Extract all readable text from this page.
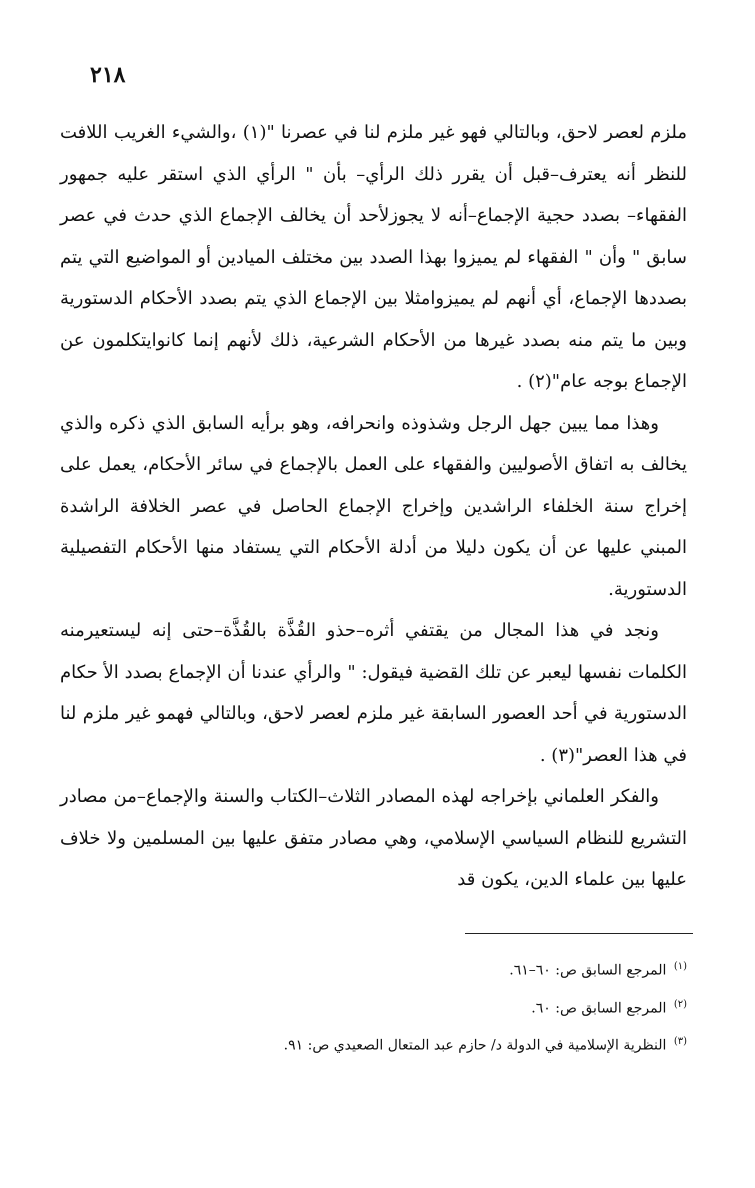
٢١٨

ملزم لعصر لاحق، وبالتالي فهو غير ملزم لنا في عصرنا "(١) ،والشيء الغريب اللافت للنظر أنه يعترف–قبل أن يقرر ذلك الرأي– بأن " الرأي الذي استقر عليه جمهور الفقهاء– بصدد حجية الإجماع–أنه لا يجوزلأحد أن يخالف الإجماع الذي حدث في عصر سابق " وأن " الفقهاء لم يميزوا بهذا الصدد بين مختلف الميادين أو المواضيع التي يتم بصددها الإجماع، أي أنهم لم يميزوامثلا بين الإجماع الذي يتم بصدد الأحكام الدستورية وبين ما يتم منه بصدد غيرها من الأحكام الشرعية، ذلك لأنهم إنما كانوايتكلمون عن الإجماع بوجه عام"(٢) .

وهذا مما يبين جهل الرجل وشذوذه وانحرافه، وهو برأيه السابق الذي ذكره والذي يخالف به اتفاق الأصوليين والفقهاء على العمل بالإجماع في سائر الأحكام، يعمل على إخراج سنة الخلفاء الراشدين وإخراج الإجماع الحاصل في عصر الخلافة الراشدة المبني عليها عن أن يكون دليلا من أدلة الأحكام التي يستفاد منها الأحكام التفصيلية الدستورية.

ونجد في هذا المجال من يقتفي أثره–حذو القُذَّة بالقُذَّة–حتى إنه ليستعيرمنه الكلمات نفسها ليعبر عن تلك القضية فيقول: " والرأي عندنا أن الإجماع بصدد الأ حكام الدستورية في أحد العصور السابقة غير ملزم لعصر لاحق، وبالتالي فهمو غير ملزم لنا في هذا العصر"(٣) .

والفكر العلماني بإخراجه لهذه المصادر الثلاث–الكتاب والسنة والإجماع–من مصادر التشريع للنظام السياسي الإسلامي، وهي مصادر متفق عليها بين المسلمين ولا خلاف عليها بين علماء الدين، يكون قد

$^{(١)}$ المرجع السابق ص: ٦٠–٦١.

$^{(٢)}$ المرجع السابق ص: ٦٠.

$^{(٣)}$ النظرية الإسلامية في الدولة د/ حازم عبد المتعال الصعيدي ص: ٩١.
